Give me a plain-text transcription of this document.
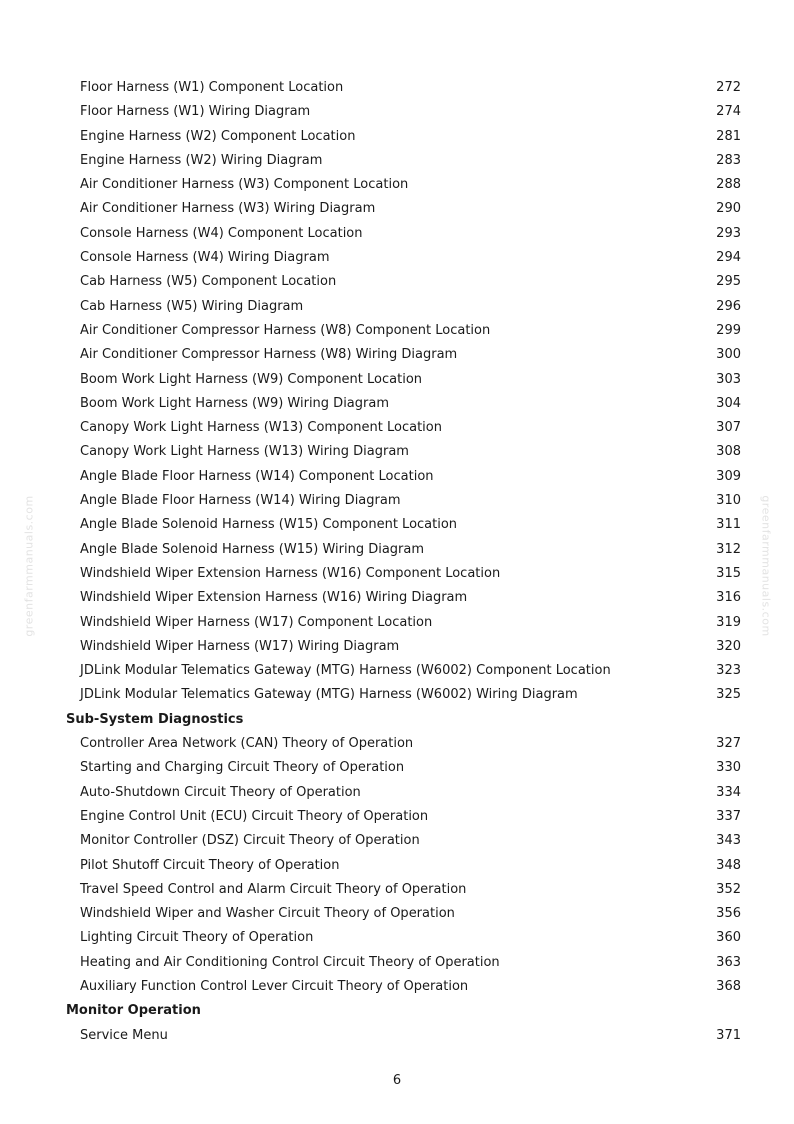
greenfarmmanuals.com	greenfarmmanuals.com
Floor Harness (W1) Component Location	272
Floor Harness (W1) Wiring Diagram	274
Engine Harness (W2) Component Location	281
Engine Harness (W2) Wiring Diagram	283
Air Conditioner Harness (W3) Component Location	288
Air Conditioner Harness (W3) Wiring Diagram	290
Console Harness (W4) Component Location	293
Console Harness (W4) Wiring Diagram	294
Cab Harness (W5) Component Location	295
Cab Harness (W5) Wiring Diagram	296
Air Conditioner Compressor Harness (W8) Component Location	299
Air Conditioner Compressor Harness (W8) Wiring Diagram	300
Boom Work Light Harness (W9) Component Location	303
Boom Work Light Harness (W9) Wiring Diagram	304
Canopy Work Light Harness (W13) Component Location	307
Canopy Work Light Harness (W13) Wiring Diagram	308
Angle Blade Floor Harness (W14) Component Location	309
Angle Blade Floor Harness (W14) Wiring Diagram	310
Angle Blade Solenoid Harness (W15) Component Location	311
Angle Blade Solenoid Harness (W15) Wiring Diagram	312
Windshield Wiper Extension Harness (W16) Component Location	315
Windshield Wiper Extension Harness (W16) Wiring Diagram	316
Windshield Wiper Harness (W17) Component Location	319
Windshield Wiper Harness (W17) Wiring Diagram	320
JDLink Modular Telematics Gateway (MTG) Harness (W6002) Component Location	323
JDLink Modular Telematics Gateway (MTG) Harness (W6002) Wiring Diagram	325
Sub-System Diagnostics
Controller Area Network (CAN) Theory of Operation	327
Starting and Charging Circuit Theory of Operation	330
Auto-Shutdown Circuit Theory of Operation	334
Engine Control Unit (ECU) Circuit Theory of Operation	337
Monitor Controller (DSZ) Circuit Theory of Operation	343
Pilot Shutoff Circuit Theory of Operation	348
Travel Speed Control and Alarm Circuit Theory of Operation	352
Windshield Wiper and Washer Circuit Theory of Operation	356
Lighting Circuit Theory of Operation	360
Heating and Air Conditioning Control Circuit Theory of Operation	363
Auxiliary Function Control Lever Circuit Theory of Operation	368
Monitor Operation
Service Menu	371
6
